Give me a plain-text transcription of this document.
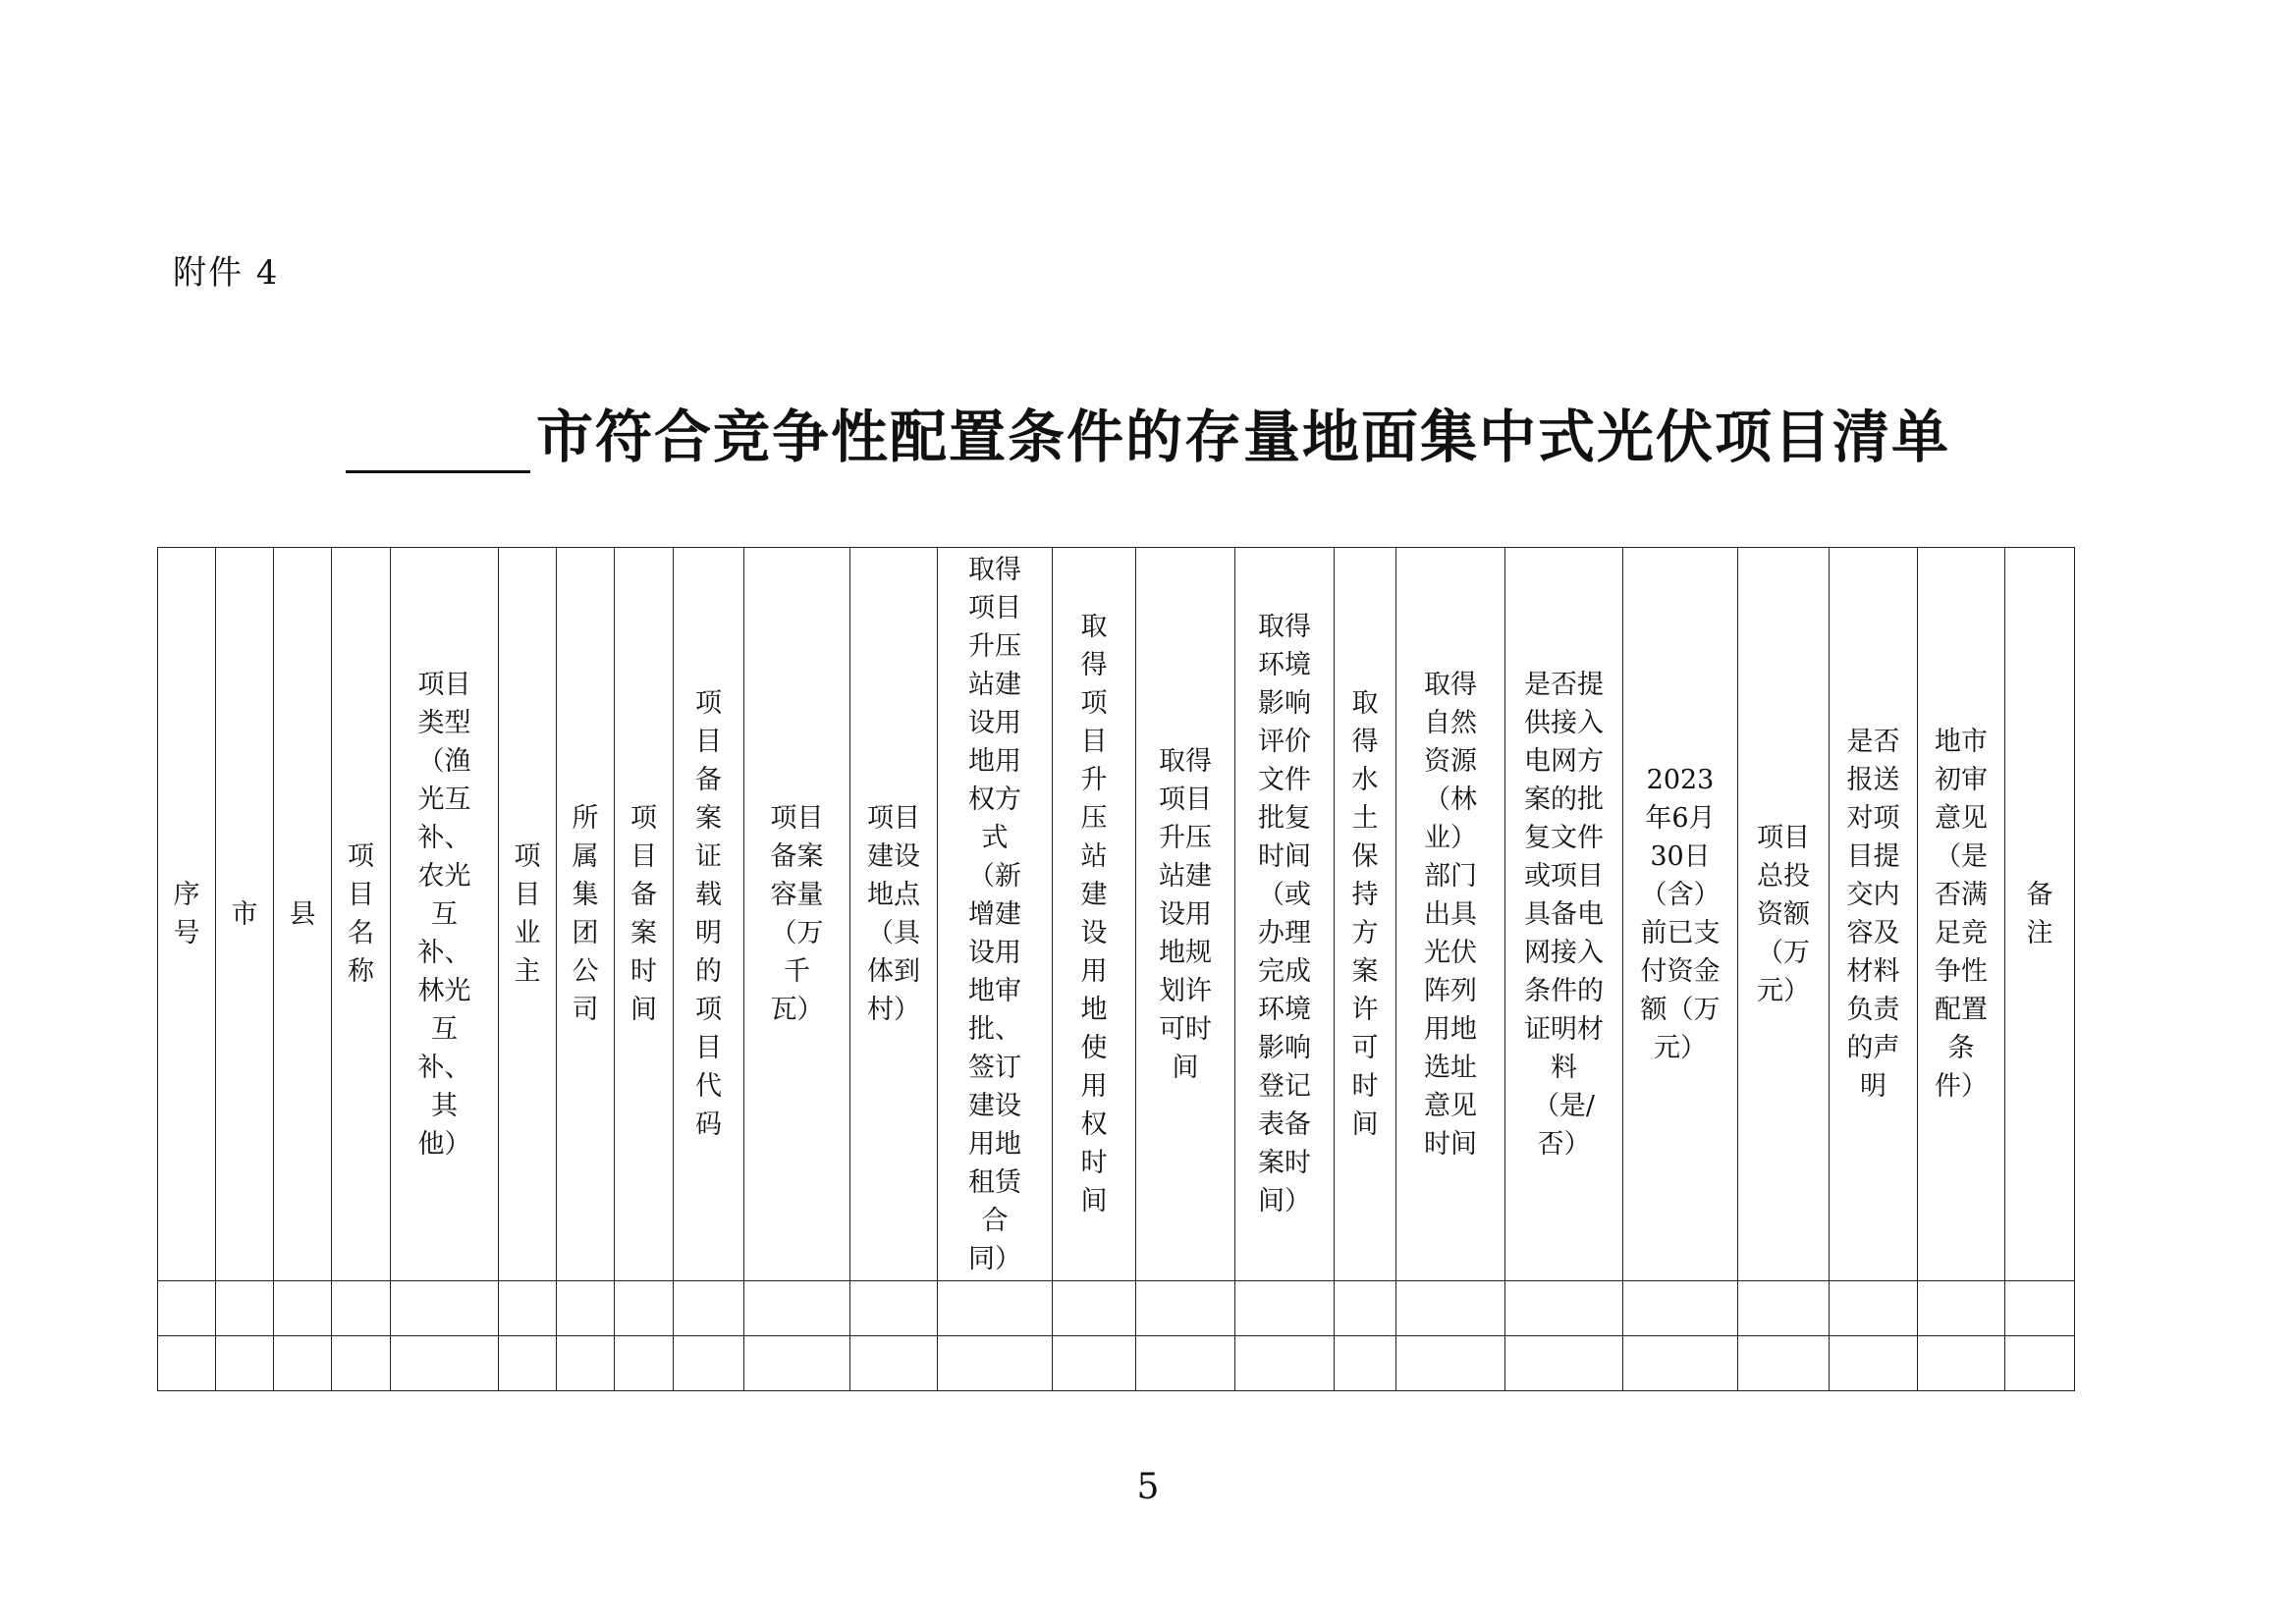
附件 4
市符合竞争性配置条件的存量地面集中式光伏项目清单
序号	市	县	项目名称	项目类型（渔光互补、农光互补、林光互补、其他）	项目业主	所属集团公司	项目备案时间	项目备案证载明的项目代码	项目备案容量（万千瓦）	项目建设地点（具体到村）	取得项目升压站建设用地用权方式（新增建设用地审批、签订建设用地租赁合同）	取得项目升压站建设用地使用权时间	取得项目升压站建设用地规划许可时间	取得环境影响评价文件批复时间（或办理完成环境影响登记表备案时间）	取得水土保持方案许可时间	取得自然资源（林业）部门出具光伏阵列用地选址意见时间	是否提供接入电网方案的批复文件或项目具备电网接入条件的证明材料（是/否）	2023年6月30日（含）前已支付资金额（万元）	项目总投资额（万元）	是否报送对项目提交内容及材料负责的声明	地市初审意见（是否满足竞争性配置条件）	备注

5
